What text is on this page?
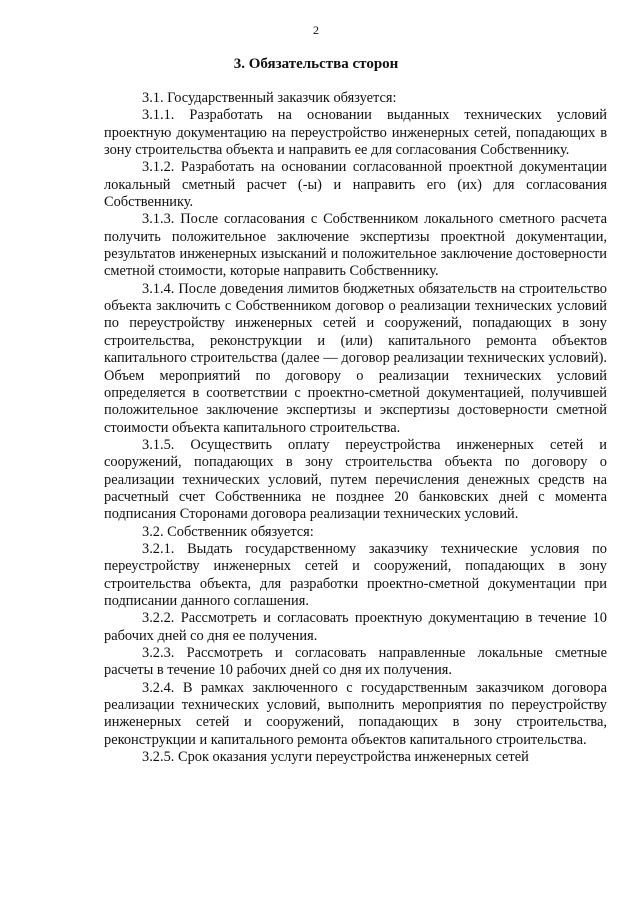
2
3. Обязательства сторон

3.1. Государственный заказчик обязуется:

3.1.1. Разработать на основании выданных технических условий проектную документацию на переустройство инженерных сетей, попадающих в зону строительства объекта и направить ее для согласования Собственнику.

3.1.2. Разработать на основании согласованной проектной документации локальный сметный расчет (-ы) и направить его (их) для согласования Собственнику.

3.1.3. После согласования с Собственником локального сметного расчета получить положительное заключение экспертизы проектной документации, результатов инженерных изысканий и положительное заключение достоверности сметной стоимости, которые направить Собственнику.

3.1.4. После доведения лимитов бюджетных обязательств на строительство объекта заключить с Собственником договор о реализации технических условий по переустройству инженерных сетей и сооружений, попадающих в зону строительства, реконструкции и (или) капитального ремонта объектов капитального строительства (далее — договор реализации технических условий). Объем мероприятий по договору о реализации технических условий определяется в соответствии с проектно-сметной документацией, получившей положительное заключение экспертизы и экспертизы достоверности сметной стоимости объекта капитального строительства.

3.1.5. Осуществить оплату переустройства инженерных сетей и сооружений, попадающих в зону строительства объекта по договору о реализации технических условий, путем перечисления денежных средств на расчетный счет Собственника не позднее 20 банковских дней с момента подписания Сторонами договора реализации технических условий.

3.2. Собственник обязуется:

3.2.1. Выдать государственному заказчику технические условия по переустройству инженерных сетей и сооружений, попадающих в зону строительства объекта, для разработки проектно-сметной документации при подписании данного соглашения.

3.2.2. Рассмотреть и согласовать проектную документацию в течение 10 рабочих дней со дня ее получения.

3.2.3. Рассмотреть и согласовать направленные локальные сметные расчеты в течение 10 рабочих дней со дня их получения.

3.2.4. В рамках заключенного с государственным заказчиком договора реализации технических условий, выполнить мероприятия по переустройству инженерных сетей и сооружений, попадающих в зону строительства, реконструкции и капитального ремонта объектов капитального строительства.

3.2.5. Срок оказания услуги переустройства инженерных сетей
